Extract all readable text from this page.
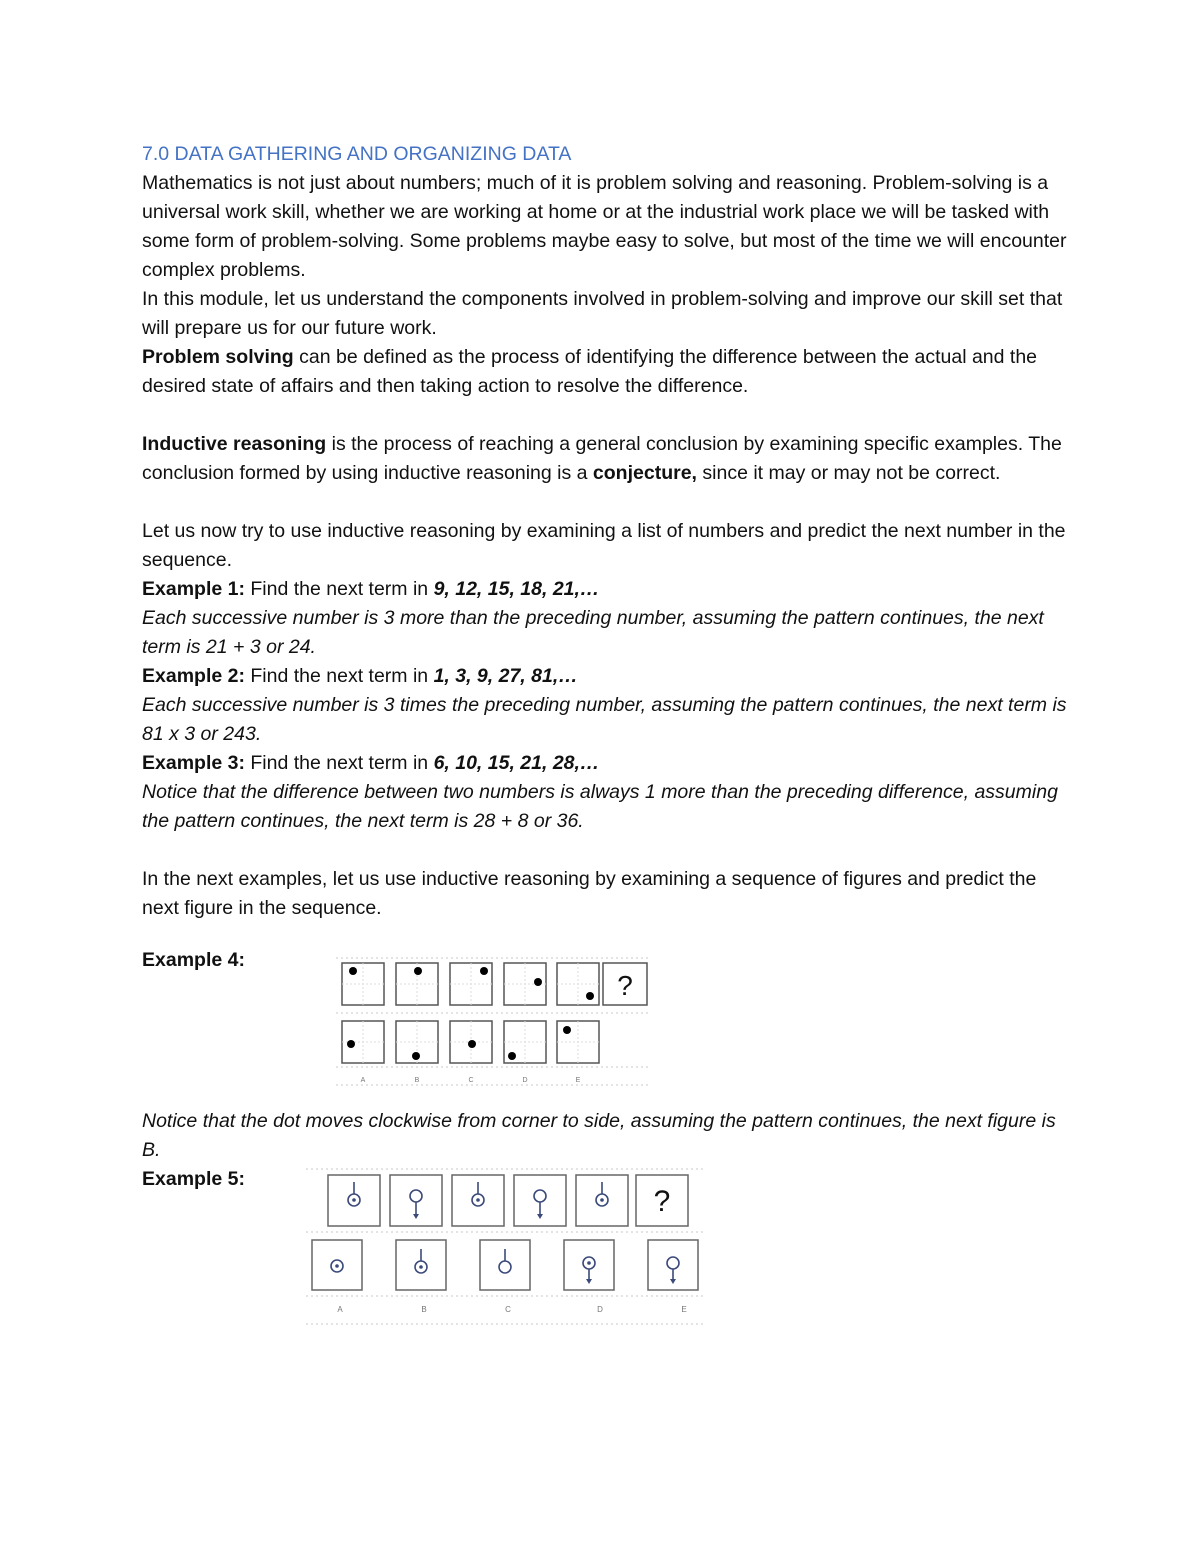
7.0 DATA GATHERING AND ORGANIZING DATA

Mathematics is not just about numbers; much of it is problem solving and reasoning. Problem-solving is a universal work skill, whether we are working at home or at the industrial work place we will be tasked with some form of problem-solving. Some problems maybe easy to solve, but most of the time we will encounter complex problems.

In this module, let us understand the components involved in problem-solving and improve our skill set that will prepare us for our future work.

Problem solving can be defined as the process of identifying the difference between the actual and the desired state of affairs and then taking action to resolve the difference.

Inductive reasoning is the process of reaching a general conclusion by examining specific examples. The conclusion formed by using inductive reasoning is a conjecture, since it may or may not be correct.

Let us now try to use inductive reasoning by examining a list of numbers and predict the next number in the sequence.

Example 1: Find the next term in 9, 12, 15, 18, 21,…

Each successive number is 3 more than the preceding number, assuming the pattern continues, the next term is 21 + 3 or 24.

Example 2: Find the next term in 1, 3, 9, 27, 81,…

Each successive number is 3 times the preceding number, assuming the pattern continues, the next term is 81 x 3 or 243.

Example 3: Find the next term in 6, 10, 15, 21, 28,…

Notice that the difference between two numbers is always 1 more than the preceding difference, assuming the pattern continues, the next term is 28 + 8 or 36.

In the next examples, let us use inductive reasoning by examining a sequence of figures and predict the next figure in the sequence.

Example 4:
?
A	B	C	D	E

Notice that the dot moves clockwise from corner to side, assuming the pattern continues, the next figure is B.

Example 5:
?
A	B	C	D	E
